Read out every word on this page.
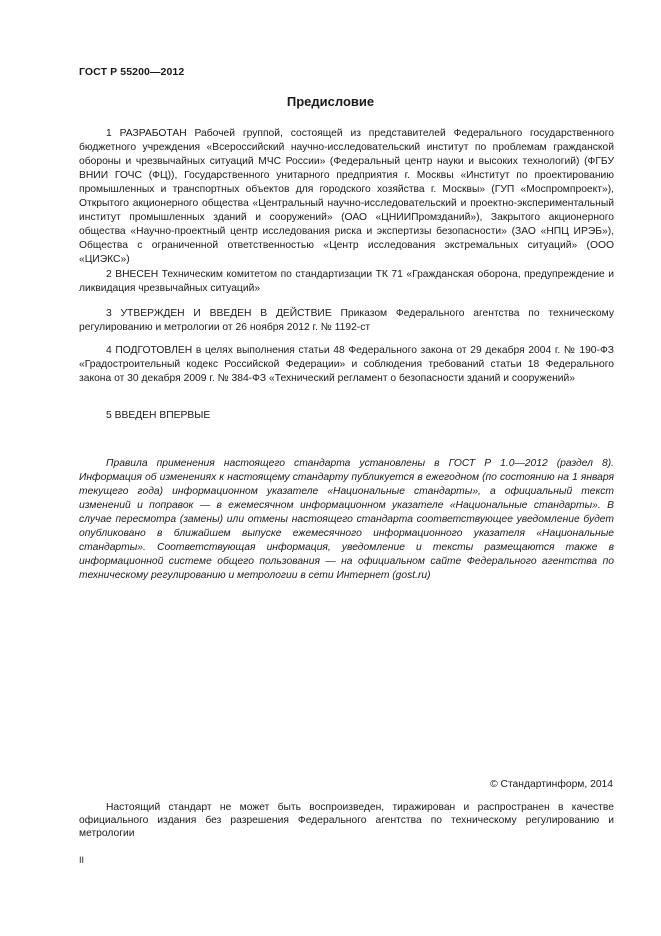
ГОСТ Р 55200—2012
Предисловие

1 РАЗРАБОТАН Рабочей группой, состоящей из представителей Федерального государственного бюджетного учреждения «Всероссийский научно-исследовательский институт по проблемам гражданской обороны и чрезвычайных ситуаций МЧС России» (Федеральный центр науки и высоких технологий) (ФГБУ ВНИИ ГОЧС (ФЦ)), Государственного унитарного предприятия г. Москвы «Институт по проектированию промышленных и транспортных объектов для городского хозяйства г. Москвы» (ГУП «Моспромпроект»), Открытого акционерного общества «Центральный научно-исследовательский и проектно-экспериментальный институт промышленных зданий и сооружений» (ОАО «ЦНИИПромзданий»), Закрытого акционерного общества «Научно-проектный центр исследования риска и экспертизы безопасности» (ЗАО «НПЦ ИРЭБ»), Общества с ограниченной ответственностью «Центр исследования экстремальных ситуаций» (ООО «ЦИЭКС»)

2 ВНЕСЕН Техническим комитетом по стандартизации ТК 71 «Гражданская оборона, предупреждение и ликвидация чрезвычайных ситуаций»

3 УТВЕРЖДЕН И ВВЕДЕН В ДЕЙСТВИЕ Приказом Федерального агентства по техническому регулированию и метрологии от 26 ноября 2012 г. № 1192-ст

4 ПОДГОТОВЛЕН в целях выполнения статьи 48 Федерального закона от 29 декабря 2004 г. № 190-ФЗ «Градостроительный кодекс Российской Федерации» и соблюдения требований статьи 18 Федерального закона от 30 декабря 2009 г. № 384-ФЗ «Технический регламент о безопасности зданий и сооружений»

5 ВВЕДЕН ВПЕРВЫЕ

Правила применения настоящего стандарта установлены в ГОСТ Р 1.0—2012 (раздел 8). Информация об изменениях к настоящему стандарту публикуется в ежегодном (по состоянию на 1 января текущего года) информационном указателе «Национальные стандарты», а официальный текст изменений и поправок — в ежемесячном информационном указателе «Национальные стандарты». В случае пересмотра (замены) или отмены настоящего стандарта соответствующее уведомление будет опубликовано в ближайшем выпуске ежемесячного информационного указателя «Национальные стандарты». Соответствующая информация, уведомление и тексты размещаются также в информационной системе общего пользования — на официальном сайте Федерального агентства по техническому регулированию и метрологии в сети Интернет (gost.ru)

© Стандартинформ, 2014

Настоящий стандарт не может быть воспроизведен, тиражирован и распространен в качестве официального издания без разрешения Федерального агентства по техническому регулированию и метрологии

II
